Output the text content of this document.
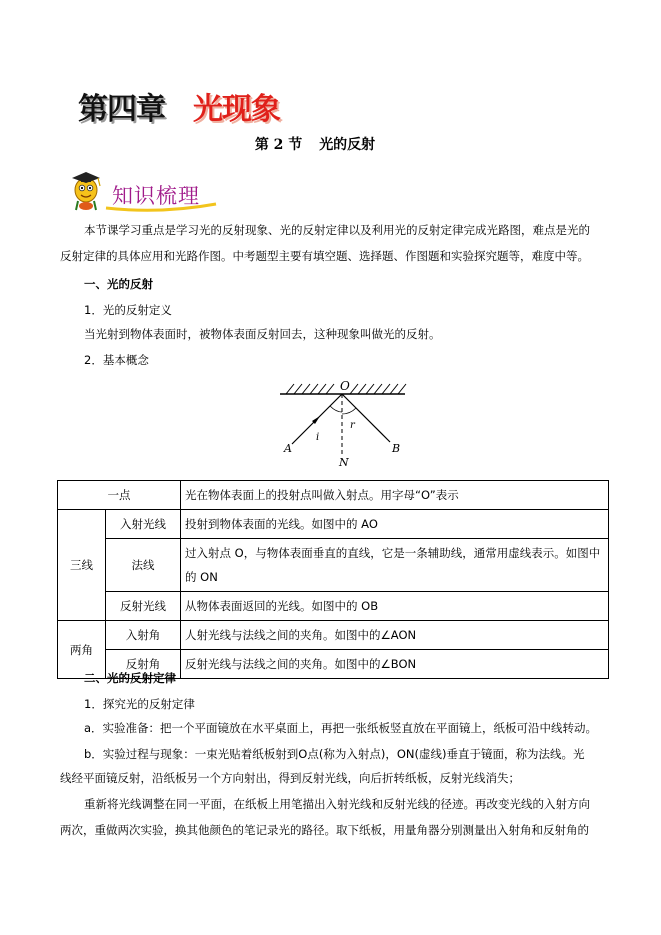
第四章 光现象
第 2 节 光的反射
知识梳理
本节课学习重点是学习光的反射现象、光的反射定律以及利用光的反射定律完成光路图，难点是光的
反射定律的具体应用和光路作图。中考题型主要有填空题、选择题、作图题和实验探究题等，难度中等。
一、光的反射
1．光的反射定义
当光射到物体表面时，被物体表面反射回去，这种现象叫做光的反射。
2．基本概念
O
A	B
N
i
r
一点		光在物体表面上的投射点叫做入射点。用字母“O”表示
三线	入射光线	投射到物体表面的光线。如图中的 AO
	法线	过入射点 O，与物体表面垂直的直线，它是一条辅助线，通常用虚线表示。如图中
的 ON

	反射光线	从物体表面返回的光线。如图中的 OB
两角	入射角	人射光线与法线之间的夹角。如图中的∠AON
	反射角	反射光线与法线之间的夹角。如图中的∠BON
二、光的反射定律
1．探究光的反射定律
a．实验准备：把一个平面镜放在水平桌面上，再把一张纸板竖直放在平面镜上，纸板可沿中线转动。
b．实验过程与现象：一束光贴着纸板射到O点(称为入射点)，ON(虚线)垂直于镜面，称为法线。光
线经平面镜反射，沿纸板另一个方向射出，得到反射光线，向后折转纸板，反射光线消失；
重新将光线调整在同一平面，在纸板上用笔描出入射光线和反射光线的径迹。再改变光线的入射方向
两次，重做两次实验，换其他颜色的笔记录光的路径。取下纸板，用量角器分别测量出入射角和反射角的
